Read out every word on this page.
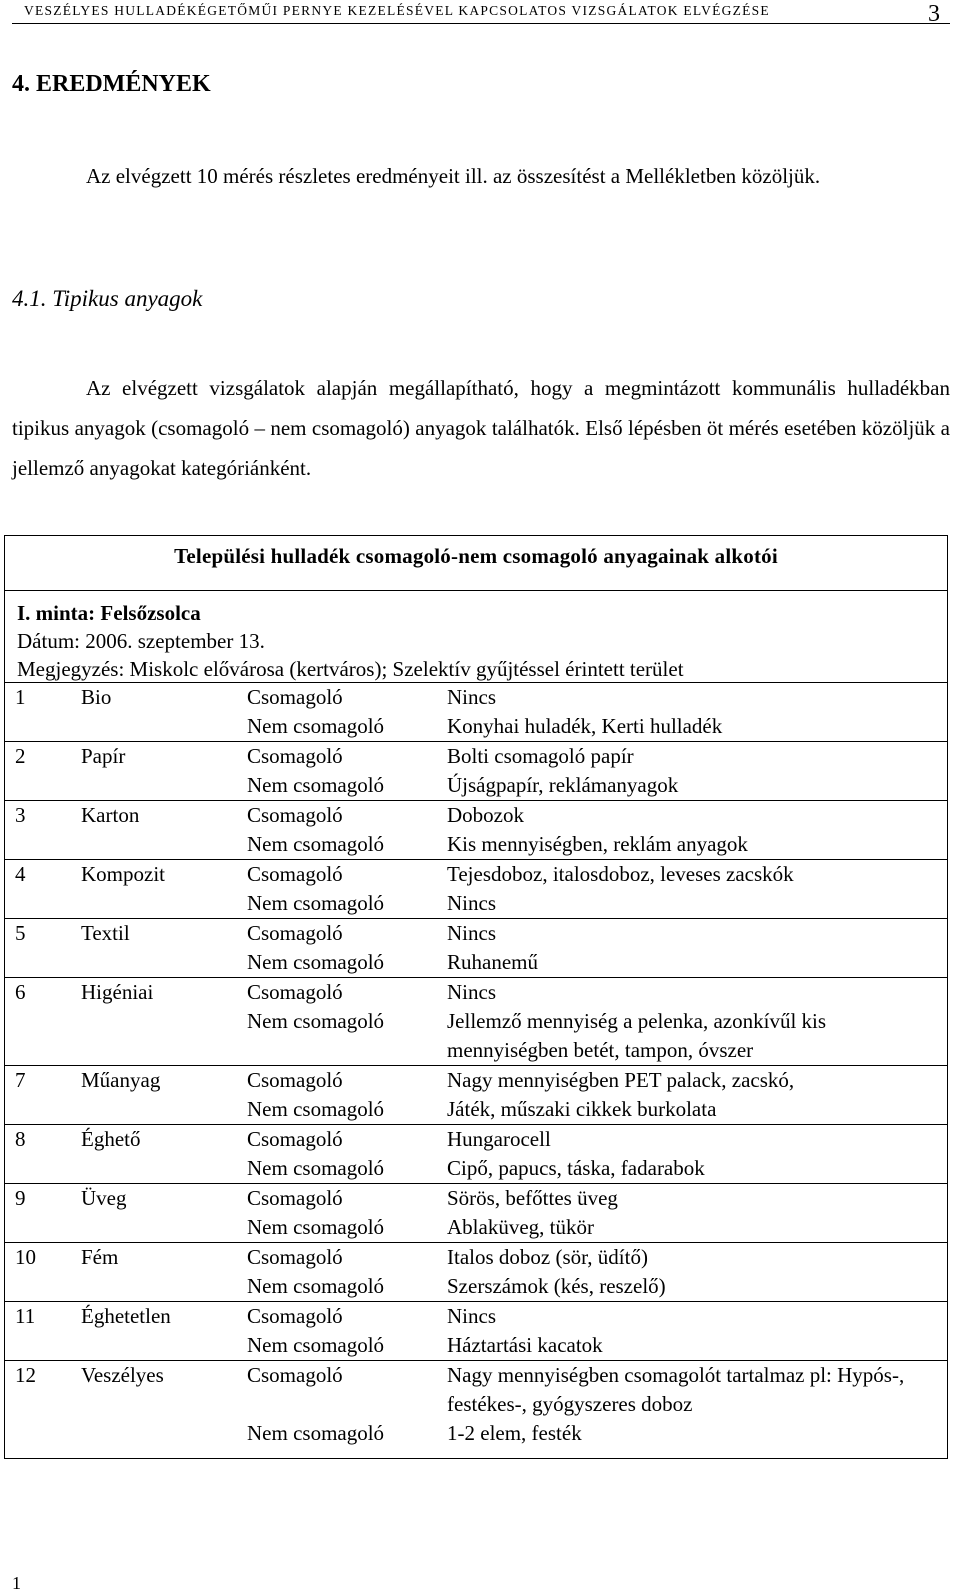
VESZÉLYES HULLADÉKÉGETŐMŰI PERNYE KEZELÉSÉVEL KAPCSOLATOS VIZSGÁLATOK ELVÉGZÉSE	3
4. EREDMÉNYEK

Az elvégzett 10 mérés részletes eredményeit ill. az összesítést a Mellékletben közöljük.

4.1. Tipikus anyagok

Az elvégzett vizsgálatok alapján megállapítható, hogy a megmintázott kommunális hulladékban tipikus anyagok (csomagoló – nem csomagoló) anyagok találhatók. Első lépésben öt mérés esetében közöljük a jellemző anyagokat kategóriánként.

Települési hulladék csomagoló-nem csomagoló anyagainak alkotói
I. minta: Felsőzsolca
Dátum: 2006. szeptember 13.
Megjegyzés: Miskolc elővárosa (kertváros); Szelektív gyűjtéssel érintett terület
1	Bio	Csomagoló	Nincs
Nem csomagoló	Konyhai huladék, Kerti hulladék
2	Papír	Csomagoló	Bolti csomagoló papír
Nem csomagoló	Újságpapír, reklámanyagok
3	Karton	Csomagoló	Dobozok
Nem csomagoló	Kis mennyiségben, reklám anyagok
4	Kompozit	Csomagoló	Tejesdoboz, italosdoboz, leveses zacskók
Nem csomagoló	Nincs
5	Textil	Csomagoló	Nincs
Nem csomagoló	Ruhanemű
6	Higéniai	Csomagoló	Nincs
Nem csomagoló	Jellemző mennyiség a pelenka, azonkívűl kis mennyiségben betét, tampon, óvszer
7	Műanyag	Csomagoló	Nagy mennyiségben PET palack, zacskó,
Nem csomagoló	Játék, műszaki cikkek burkolata
8	Éghető	Csomagoló	Hungarocell
Nem csomagoló	Cipő, papucs, táska, fadarabok
9	Üveg	Csomagoló	Sörös, befőttes üveg
Nem csomagoló	Ablaküveg, tükör
10 Fém	Csomagoló	Italos doboz (sör, üdítő)
Nem csomagoló	Szerszámok (kés, reszelő)
11 Éghetetlen	Csomagoló	Nincs
Nem csomagoló	Háztartási kacatok
12 Veszélyes	Csomagoló	Nagy mennyiségben csomagolót tartalmaz pl: Hypós-, festékes-, gyógyszeres doboz
Nem csomagoló	1-2 elem, festék
1
